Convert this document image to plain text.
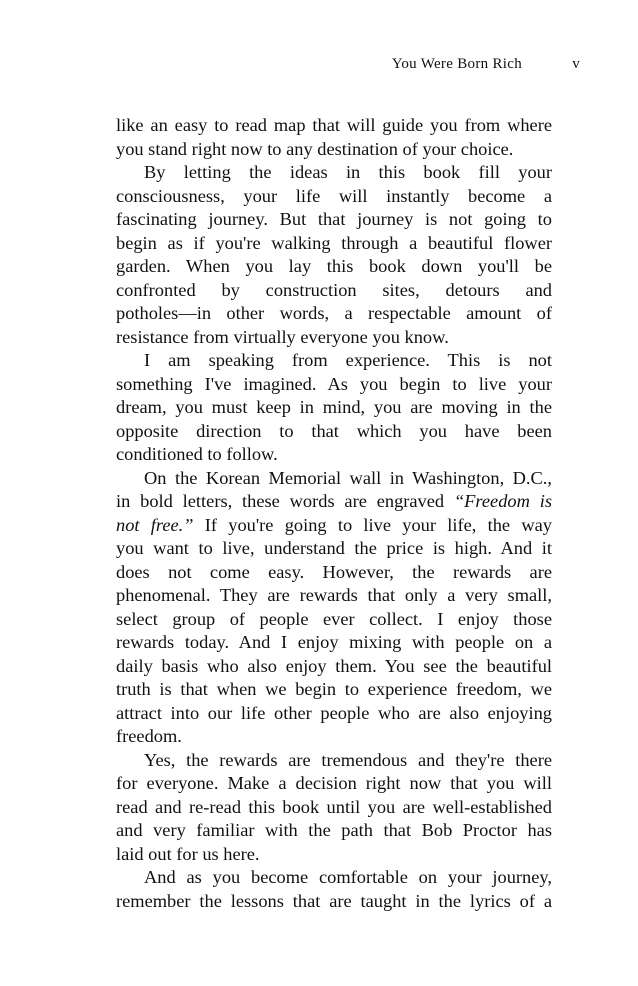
You Were Born Rich	v
like an easy to read map that will guide you from where
you stand right now to any destination of your choice.
By letting the ideas in this book fill your
consciousness, your life will instantly become a
fascinating journey. But that journey is not going to
begin as if you're walking through a beautiful flower
garden. When you lay this book down you'll be
confronted by construction sites, detours and
potholes—in other words, a respectable amount of
resistance from virtually everyone you know.
I am speaking from experience. This is not
something I've imagined. As you begin to live your
dream, you must keep in mind, you are moving in the
opposite direction to that which you have been
conditioned to follow.
On the Korean Memorial wall in Washington, D.C.,
in bold letters, these words are engraved “Freedom is
not free.” If you're going to live your life, the way
you want to live, understand the price is high. And it
does not come easy. However, the rewards are
phenomenal. They are rewards that only a very small,
select group of people ever collect. I enjoy those
rewards today. And I enjoy mixing with people on a
daily basis who also enjoy them. You see the beautiful
truth is that when we begin to experience freedom, we
attract into our life other people who are also enjoying
freedom.
Yes, the rewards are tremendous and they're there
for everyone. Make a decision right now that you will
read and re-read this book until you are well-established
and very familiar with the path that Bob Proctor has
laid out for us here.
And as you become comfortable on your journey,
remember the lessons that are taught in the lyrics of a
